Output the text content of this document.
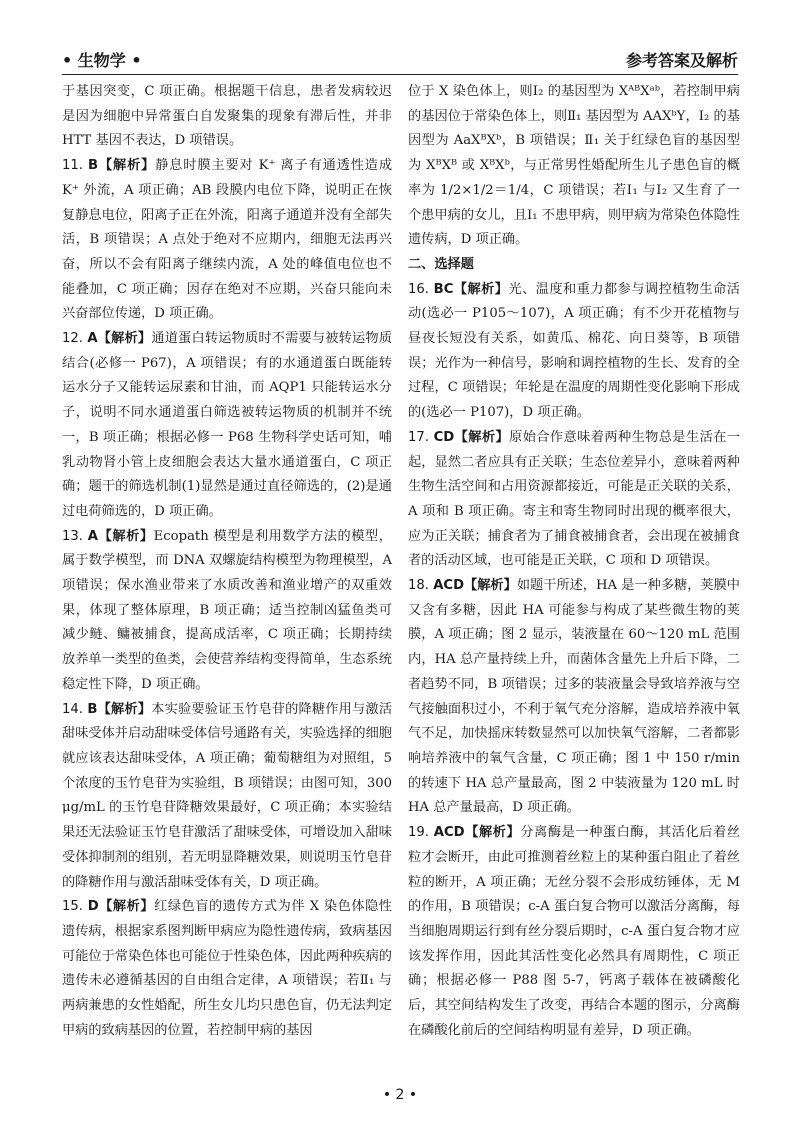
• 生物学 •	参考答案及解析

于基因突变，C 项正确。根据题干信息，患者发病较迟是因为细胞中异常蛋白自发聚集的现象有滞后性，并非 HTT 基因不表达，D 项错误。

11. B【解析】静息时膜主要对 K⁺ 离子有通透性造成 K⁺ 外流，A 项正确；AB 段膜内电位下降，说明正在恢复静息电位，阳离子正在外流，阳离子通道并没有全部失活，B 项错误；A 点处于绝对不应期内，细胞无法再兴奋，所以不会有阳离子继续内流，A 处的峰值电位也不能叠加，C 项正确；因存在绝对不应期，兴奋只能向未兴奋部位传递，D 项正确。

12. A【解析】通道蛋白转运物质时不需要与被转运物质结合(必修一 P67)，A 项错误；有的水通道蛋白既能转运水分子又能转运尿素和甘油，而 AQP1 只能转运水分子，说明不同水通道蛋白筛选被转运物质的机制并不统一，B 项正确；根据必修一 P68 生物科学史话可知，哺乳动物肾小管上皮细胞会表达大量水通道蛋白，C 项正确；题干的筛选机制(1)显然是通过直径筛选的，(2)是通过电荷筛选的，D 项正确。

13. A【解析】Ecopath 模型是利用数学方法的模型，属于数学模型，而 DNA 双螺旋结构模型为物理模型，A 项错误；保水渔业带来了水质改善和渔业增产的双重效果，体现了整体原理，B 项正确；适当控制凶猛鱼类可减少鲢、鳙被捕食，提高成活率，C 项正确；长期持续放养单一类型的鱼类，会使营养结构变得简单，生态系统稳定性下降，D 项正确。

14. B【解析】本实验要验证玉竹皂苷的降糖作用与激活甜味受体并启动甜味受体信号通路有关，实验选择的细胞就应该表达甜味受体，A 项正确；葡萄糖组为对照组，5 个浓度的玉竹皂苷为实验组，B 项错误；由图可知，300 μg/mL 的玉竹皂苷降糖效果最好，C 项正确；本实验结果还无法验证玉竹皂苷激活了甜味受体，可增设加入甜味受体抑制剂的组别，若无明显降糖效果，则说明玉竹皂苷的降糖作用与激活甜味受体有关，D 项正确。

15. D【解析】红绿色盲的遗传方式为伴 X 染色体隐性遗传病，根据家系图判断甲病应为隐性遗传病，致病基因可能位于常染色体也可能位于性染色体，因此两种疾病的遗传未必遵循基因的自由组合定律，A 项错误；若Ⅱ₁ 与两病兼患的女性婚配，所生女儿均只患色盲，仍无法判定甲病的致病基因的位置，若控制甲病的基因

位于 X 染色体上，则Ⅰ₂ 的基因型为 XᴬᴮXᵃᵇ，若控制甲病的基因位于常染色体上，则Ⅱ₁ 基因型为 AAXᵇY，Ⅰ₂ 的基因型为 AaXᴮXᵇ，B 项错误；Ⅱ₁ 关于红绿色盲的基因型为 XᴮXᴮ 或 XᴮXᵇ，与正常男性婚配所生儿子患色盲的概率为 1/2×1/2＝1/4，C 项错误；若Ⅰ₁ 与Ⅰ₂ 又生育了一个患甲病的女儿，且Ⅰ₁ 不患甲病，则甲病为常染色体隐性遗传病，D 项正确。

二、选择题

16. BC【解析】光、温度和重力都参与调控植物生命活动(选必一 P105～107)，A 项正确；有不少开花植物与昼夜长短没有关系，如黄瓜、棉花、向日葵等，B 项错误；光作为一种信号，影响和调控植物的生长、发育的全过程，C 项错误；年轮是在温度的周期性变化影响下形成的(选必一 P107)，D 项正确。

17. CD【解析】原始合作意味着两种生物总是生活在一起，显然二者应具有正关联；生态位差异小，意味着两种生物生活空间和占用资源都接近，可能是正关联的关系，A 项和 B 项正确。寄主和寄生物同时出现的概率很大，应为正关联；捕食者为了捕食被捕食者，会出现在被捕食者的活动区域，也可能是正关联，C 项和 D 项错误。

18. ACD【解析】如题干所述，HA 是一种多糖，荚膜中又含有多糖，因此 HA 可能参与构成了某些微生物的荚膜，A 项正确；图 2 显示，装液量在 60～120 mL 范围内，HA 总产量持续上升，而菌体含量先上升后下降，二者趋势不同，B 项错误；过多的装液量会导致培养液与空气接触面积过小，不利于氧气充分溶解，造成培养液中氧气不足，加快摇床转数显然可以加快氧气溶解，二者都影响培养液中的氧气含量，C 项正确；图 1 中 150 r/min 的转速下 HA 总产量最高，图 2 中装液量为 120 mL 时 HA 总产量最高，D 项正确。

19. ACD【解析】分离酶是一种蛋白酶，其活化后着丝粒才会断开，由此可推测着丝粒上的某种蛋白阻止了着丝粒的断开，A 项正确；无丝分裂不会形成纺锤体，无 M 的作用，B 项错误；c-A 蛋白复合物可以激活分离酶，每当细胞周期运行到有丝分裂后期时，c-A 蛋白复合物才应该发挥作用，因此其活性变化必然具有周期性，C 项正确；根据必修一 P88 图 5-7，钙离子载体在被磷酸化后，其空间结构发生了改变，再结合本题的图示，分离酶在磷酸化前后的空间结构明显有差异，D 项正确。

• 2 •
